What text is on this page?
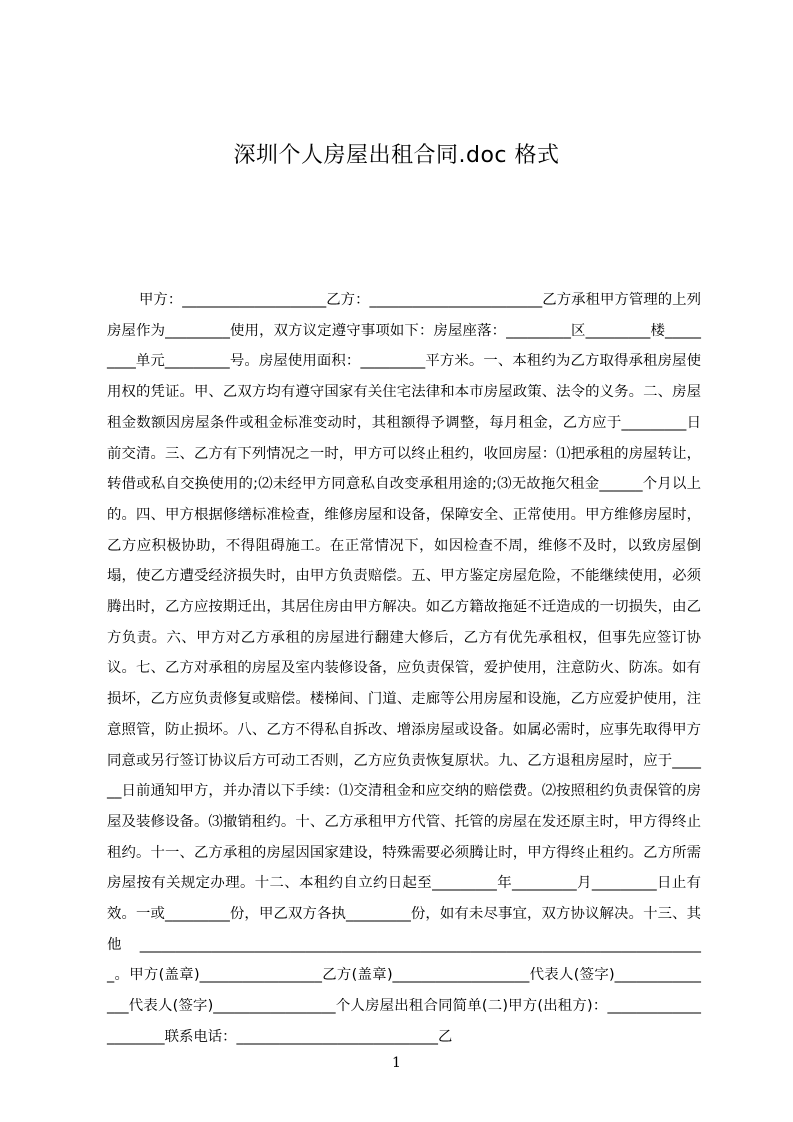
深圳个人房屋出租合同.doc 格式

甲方：____________________乙方：________________________乙方承租甲方管理的上列房屋作为_________使用，双方议定遵守事项如下：房屋座落：_________区_________楼_________单元_________号。房屋使用面积：_________平方米。一、本租约为乙方取得承租房屋使用权的凭证。甲、乙双方均有遵守国家有关住宅法律和本市房屋政策、法令的义务。二、房屋租金数额因房屋条件或租金标准变动时，其租额得予调整，每月租金，乙方应于_________日前交清。三、乙方有下列情况之一时，甲方可以终止租约，收回房屋：⑴把承租的房屋转让，转借或私自交换使用的;⑵未经甲方同意私自改变承租用途的;⑶无故拖欠租金______个月以上的。四、甲方根据修缮标准检查，维修房屋和设备，保障安全、正常使用。甲方维修房屋时，乙方应积极协助，不得阻碍施工。在正常情况下，如因检查不周，维修不及时，以致房屋倒塌，使乙方遭受经济损失时，由甲方负责赔偿。五、甲方鉴定房屋危险，不能继续使用，必须腾出时，乙方应按期迁出，其居住房由甲方解决。如乙方籍故拖延不迁造成的一切损失，由乙方负责。六、甲方对乙方承租的房屋进行翻建大修后，乙方有优先承租权，但事先应签订协议。七、乙方对承租的房屋及室内装修设备，应负责保管，爱护使用，注意防火、防冻。如有损坏，乙方应负责修复或赔偿。楼梯间、门道、走廊等公用房屋和设施，乙方应爱护使用，注意照管，防止损坏。八、乙方不得私自拆改、增添房屋或设备。如属必需时，应事先取得甲方同意或另行签订协议后方可动工否则，乙方应负责恢复原状。九、乙方退租房屋时，应于______日前通知甲方，并办清以下手续：⑴交清租金和应交纳的赔偿费。⑵按照租约负责保管的房屋及装修设备。⑶撤销租约。十、乙方承租甲方代管、托管的房屋在发还原主时，甲方得终止租约。十一、乙方承租的房屋因国家建设，特殊需要必须腾让时，甲方得终止租约。乙方所需房屋按有关规定办理。十二、本租约自立约日起至_________年_________月_________日止有效。一或_________份，甲乙双方各执_________份，如有未尽事宜，双方协议解决。十三、其他_______________________________________________________________________________。甲方(盖章)_________________乙方(盖章)___________________代表人(签字)_______________代表人(签字)_________________个人房屋出租合同简单(二)甲方(出租方)：_____________________联系电话：____________________________乙

1
